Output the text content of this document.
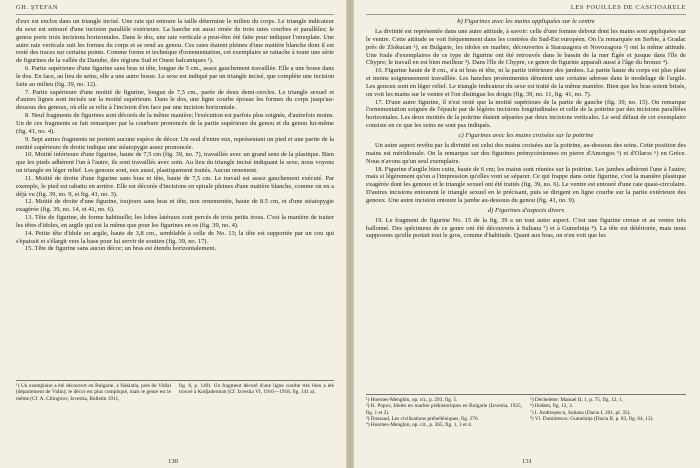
GH. ȘTEFAN

d'eux est enclos dans un triangle incisé. Une raie qui entoure la taille détermine le milieu du corps. Le triangle indicateur du sexe est entouré d'une incision parallèle extérieure. La hanche est aussi ornée de trois raies courbes et parallèles; le genou porte trois incisions horizontales. Dans le dos, une raie verticale a peut-être été faite pour indiquer l'omoplate. Une autre raie verticale suit les formes du corps et se rend au genou. Ces raies étaient pleines d'une matière blanche dont il est resté des traces sur certains points. Comme forme et technique d'ornementation, cet exemplaire se rattache à toute une série de figurines de la vallée du Danube, des régions Sud et Ouest balcaniques ¹).

6. Partie supérieure d'une figurine sans bras ni tête, longue de 5 cm., assez gauchement travaillée. Elle a une bosse dans le dos. En face, au lieu de seins, elle a une autre bosse. Le sexe est indiqué par un triangle incisé, que complète une incision faite au milieu (fig. 39, no. 12).

7. Partie supérieure d'une moitié de figurine, longue de 7,5 cm., parée de deux demi-cercles. Le triangle sexuel et d'autres lignes sont incisés sur la moitié supérieure. Dans le dos, une ligne courbe épouse les formes du corps jusqu'au-dessous des genoux, où elle se relie à l'incision d'en face par une incision horizontale.

8. Neuf fragments de figurines sont décorés de la même manière; l'exécution est parfois plus soignée, d'autrefois moins. Un de ces fragments se fait remarquer par la courbure prononcée de la partie supérieure du genou et du genou lui-même (fig. 41, no. 4).

9. Sept autres fragments ne portent aucune espèce de décor. Un seul d'entre eux, représentant un pied et une partie de la moitié supérieure de droite indique une stéatopygie assez prononcée.

10. Moitié inférieure d'une figurine, haute de 7,5 cm (fig. 39, no. 7), travaillée avec un grand sens de la plastique. Bien que les pieds adhèrent l'un à l'autre, ils sont travaillés avec soin. Au lieu du triangle incisé indiquant le sexe, nous voyons un triangle en léger relief. Les genoux sont, eux aussi, plastiquement traités. Aucun ornement.

11. Moitié de droite d'une figurine sans bras ni tête, haute de 7,5 cm. Le travail est assez gauchement exécuté. Par exemple, le pied est rabattu en arrière. Elle est décorée d'incisions en spirale pleines d'une matière blanche, comme on en a déjà vu (fig. 39, no. 9, et fig. 41, no. 3).

12. Moitié de droite d'une figurine, toujours sans bras ni tête, non ornementée, haute de 8.5 cm, et d'une stéatopygie exagérée (fig. 39, no. 14, et 41, no. 6).

13. Tête de figurine, de forme habituelle; les lobes latéraux sont percés de trois petits trous. C'est la manière de traiter les têtes d'idoles, en argile qui est la même que pour les figurines en os (fig. 39, no. 4).

14. Petite tête d'idole en argile, haute de 3,8 cm., semblable à celle de No. 13; la tête est supportée par un cou qui s'épaissit et s'élargit vers la base pour lui servir de soutien (fig. 39, no. 17).

15. Tête de figurine sans aucun décor; un bras est étendu horizontalement.

¹) Un exemplaire a été découvert en Bulgarie, à Naklatla, près de Vidlal (département de Vidin); le décor est plus compliqué, mais le genre est le même (Cf. A. Cilingirov, Izvestia, Bulletin 1911,

fig. 8, p. 149). Un fragment décoré d'une ligne courbe très bien a été trouvé à Kodjaderman (Cf. Izvestia VI, 1916—1918, fig. 141 a).

130
LES FOUILLES DE CASCIOARELE
b) Figurines avec les mains appliquées sur le centre

La divinité est représentée dans une autre attitude, à savoir: celle d'une femme debout dont les mains sont appliquées sur le ventre. Cette attitude se voit fréquemment dans les contrées du Sud-Est européen. On l'a remarquée en Serbie, à Gradac près de Zlokucan ¹), en Bulgarie, les idoles en marbre, découvertes à Starazagora et Novozagora ²) ont la même attitude. Une foule d'exemplaires de ce type de figurine ont été retrouvés dans le bassin de la mer Égée et jusque dans l'île de Chypre; le travail en est bien meilleur ³). Dans l'île de Chypre, ce genre de figurine apparaît aussi à l'âge du bronze ⁴).

16. Figurine haute de 8 cm., n'a ni bras ni tête, ni la partie inférieure des jambes. La partie haute du corps est plus plate et moins soigneusement travaillée. Les hanches proéminentes dénotent une certaine adresse dans le modelage de l'argile. Les genoux sont en léger relief. Le triangle indicateur du sexe est traité de la même manière. Bien que les bras soient brisés, on voit les mains sur le ventre et l'on distingue les doigts (fig. 39, no. 11, fig. 41, no. 7).

17. D'une autre figurine, il n'est resté que la moitié supérieure de la partie de gauche (fig. 39, no. 15). On remarque l'ornementation soignée de l'épaule par de légères incisions longitudinales et celle de la poitrine par des incisions parallèles horizontales. Les deux moitiés de la poitrine étaient séparées par deux incisions verticales. Le seul défaut de cet exemplaire consiste en ce que les seins ne sont pas indiqués.

c) Figurines avec les mains croisées sur la poitrine

Un autre aspect revêtu par la divinité est celui des mains croisées sur la poitrine, au-dessous des seins. Cette position des mains est méridionale. On la remarque sur des figurines prémycéniennes en pierre d'Amorgos ⁵) et d'Olaros ⁶) en Grèce. Nous n'avons qu'un seul exemplaire.

18. Figurine d'argile bien cuite, haute de 6 cm; les mains sont réunies sur la poitrine. Les jambes adhèrent l'une à l'autre; mais si légèrement qu'on a l'impression qu'elles vont se séparer. Ce qui frappe dans cette figurine, c'est la manière plastique exagérée dont les genoux et le triangle sexuel ont été traités (fig. 39, no. 6). Le ventre est entouré d'une raie quasi-circulaire. D'autres incisions entourent le triangle sexuel en le précisant, puis se dirigent en ligne courbe sur la partie extérieure des genoux. Une autre incision entoure la jambe au-dessous du genou (fig. 41, no. 9).

d) Figurines d'aspects divers

19. Le fragment de figurine No. 15 de la fig. 39 a un tout autre aspect. C'est une figurine creuse et au ventre très ballonné. Des spécimens de ce genre ont été découverts à Sultana ⁷) et à Gumelnița ⁸). La tête est détériorée, mais nous supposons qu'elle portait tout le gros, comme d'habitude. Quant aux bras, on n'en voit que les

¹) Hoernes-Menghin, op. cit., p. 293, fig. 5.

²) R. Popov, Idoles en marbre préhistoriques en Bulgarie (Izvestia, 1925, fig. 1 et 2).

³) Dussaud, Les civilisations préhelléniques, fig. 276.

⁴) Hoernes-Menghin, op. cit., p. 365, fig. 1, 3 et 4.

⁵) Déchelette: Manuel II, 1, p. 75, fig. 12, 1.

⁶) Ibidem, fig. 12, 3.

⁷) I. Andrieșescu, Sultana (Dacia I, 201, pl. 35).

⁸) Vl. Dumitrescu: Gumelnița (Dacia II, p. 83, fig. 64, 12).

131
